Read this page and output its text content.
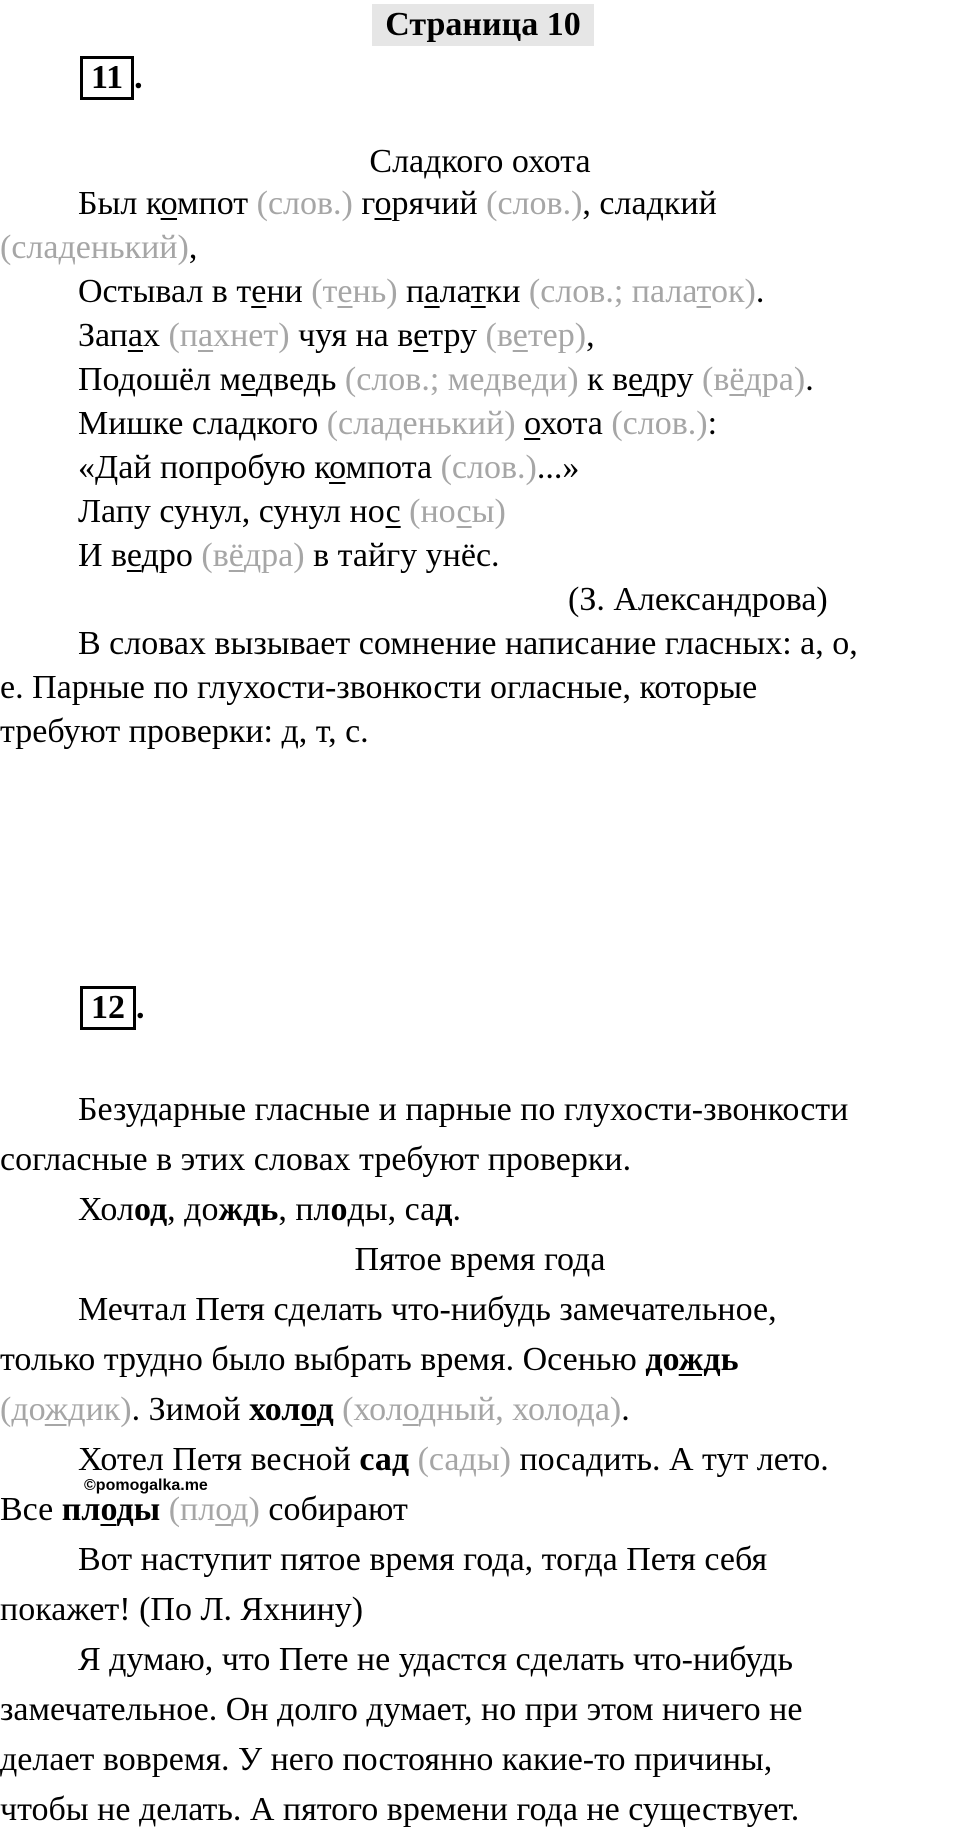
Страница 10
11 .
Сладкого охота
Был компот (слов.) горячий (слов.), сладкий
(сладенький),
Остывал в тени (тень) палатки (слов.; палаток).
Запах (пахнет) чуя на ветру (ветер),
Подошёл медведь (слов.; медведи) к ведру (вёдра).
Мишке сладкого (сладенький) охота (слов.):
«Дай попробую компота (слов.)...»
Лапу сунул, сунул нос (носы)
И ведро (вёдра) в тайгу унёс.
(З. Александрова)
В словах вызывает сомнение написание гласных: а, о,
е. Парные по глухости-звонкости огласные, которые
требуют проверки: д, т, с.
12 .
Безударные гласные и парные по глухости-звонкости
согласные в этих словах требуют проверки.
Холод, дождь, плоды, сад.
Пятое время года
Мечтал Петя сделать что-нибудь замечательное,
только трудно было выбрать время. Осенью дождь
(дождик). Зимой холод (холодный, холода).
Хотел Петя весной сад (сады) посадить. А тут лето.
Все плоды (плод) собирают
Вот наступит пятое время года, тогда Петя себя
покажет! (По Л. Яхнину)
Я думаю, что Пете не удастся сделать что-нибудь
замечательное. Он долго думает, но при этом ничего не
делает вовремя. У него постоянно какие-то причины,
чтобы не делать. А пятого времени года не существует.
©pomogalka.me
